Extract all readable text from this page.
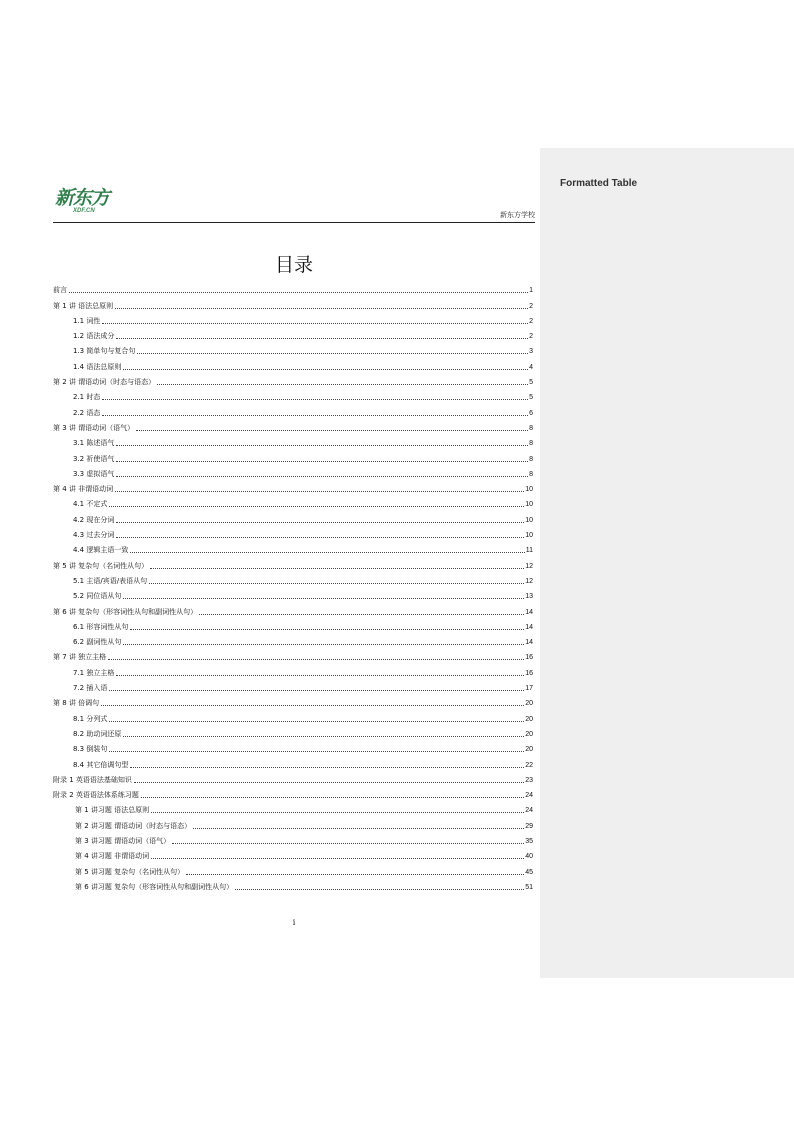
Formatted Table
新东方
XDF.CN	新东方学校
目录
前言	1
第 1 讲 语法总原则	2
1.1 词性	2
1.2 语法成分	2
1.3 简单句与复合句	3
1.4 语法总原则	4
第 2 讲 谓语动词（时态与语态）	5
2.1 时态	5
2.2 语态	6
第 3 讲 谓语动词（语气）	8
3.1 陈述语气	8
3.2 祈使语气	8
3.3 虚拟语气	8
第 4 讲 非谓语动词	10
4.1 不定式	10
4.2 现在分词	10
4.3 过去分词	10
4.4 逻辑主语一致	11
第 5 讲 复杂句（名词性从句）	12
5.1 主语/宾语/表语从句	12
5.2 同位语从句	13
第 6 讲 复杂句（形容词性从句和副词性从句）	14
6.1 形容词性从句	14
6.2 副词性从句	14
第 7 讲 独立主格	16
7.1 独立主格	16
7.2 插入语	17
第 8 讲 倍调句	20
8.1 分列式	20
8.2 助动词还原	20
8.3 倒装句	20
8.4 其它倍调句型	22
附录 1 英语语法基础知识	23
附录 2 英语语法体系练习题	24
第 1 讲习题 语法总原则	24
第 2 讲习题 谓语动词（时态与语态）	29
第 3 讲习题 谓语动词（语气）	35
第 4 讲习题 非谓语动词	40
第 5 讲习题 复杂句（名词性从句）	45
第 6 讲习题 复杂句（形容词性从句和副词性从句）	51
i
